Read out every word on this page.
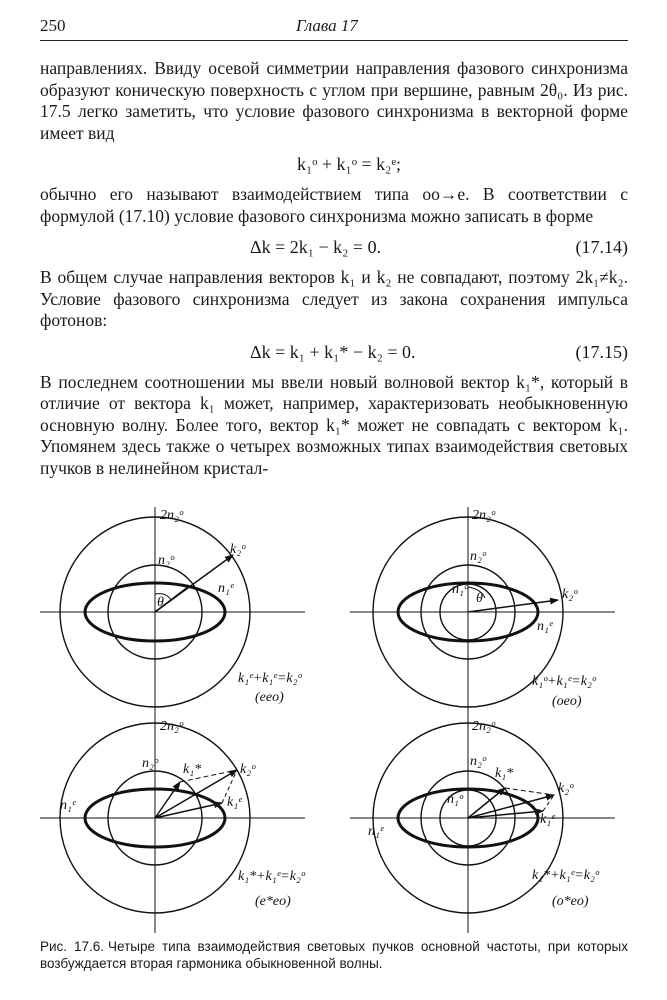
250	Глава 17

направлениях. Ввиду осевой симметрии направления фазового синхронизма образуют коническую поверхность с углом при вершине, равным 2θ₀. Из рис. 17.5 легко заметить, что условие фазового синхронизма в векторной форме имеет вид

k₁ᵒ + k₁ᵒ = k₂ᵉ;

обычно его называют взаимодействием типа oo→e. В соответствии с формулой (17.10) условие фазового синхронизма можно записать в форме

Δk = 2k₁ − k₂ = 0.	(17.14)

В общем случае направления векторов k₁ и k₂ не совпадают, поэтому 2k₁≠k₂. Условие фазового синхронизма следует из закона сохранения импульса фотонов:

Δk = k₁ + k₁* − k₂ = 0.	(17.15)

В последнем соотношении мы ввели новый волновой вектор k₁*, который в отличие от вектора k₁ может, например, характеризовать необыкновенную основную волну. Более того, вектор k₁* может не совпадать с вектором k₁. Упомянем здесь также о четырех возможных типах взаимодействия световых пучков в нелинейном кристал-

2n₂ᵒ
n₂ᵒ
k₂ᵒ
n₁ᵉ
θ
k₁ᵉ+k₁ᵉ=k₂ᵒ
(eeo)
2n₂ᵒ
n₂ᵒ
n₁ᵒ
θ	k₂ᵒ
n₁ᵉ
k₁ᵒ+k₁ᵉ=k₂ᵒ
(oeo)
2n₂ᵒ
n₂ᵒ k₁*	k₂ᵒ
n₁ᵉ	k₁ᵉ
k₁*+k₁ᵉ=k₂ᵒ
(e*eo)
2n₂ᵒ
n₂ᵒ
k₁*
k₂ᵒ
n₁ᵒ
k₁ᵉ
n₁ᵉ
k₁*+k₁ᵉ=k₂ᵒ
(o*eo)
Рис. 17.6. Четыре типа взаимодействия световых пучков основной частоты, при которых возбуждается вторая гармоника обыкновенной волны.
